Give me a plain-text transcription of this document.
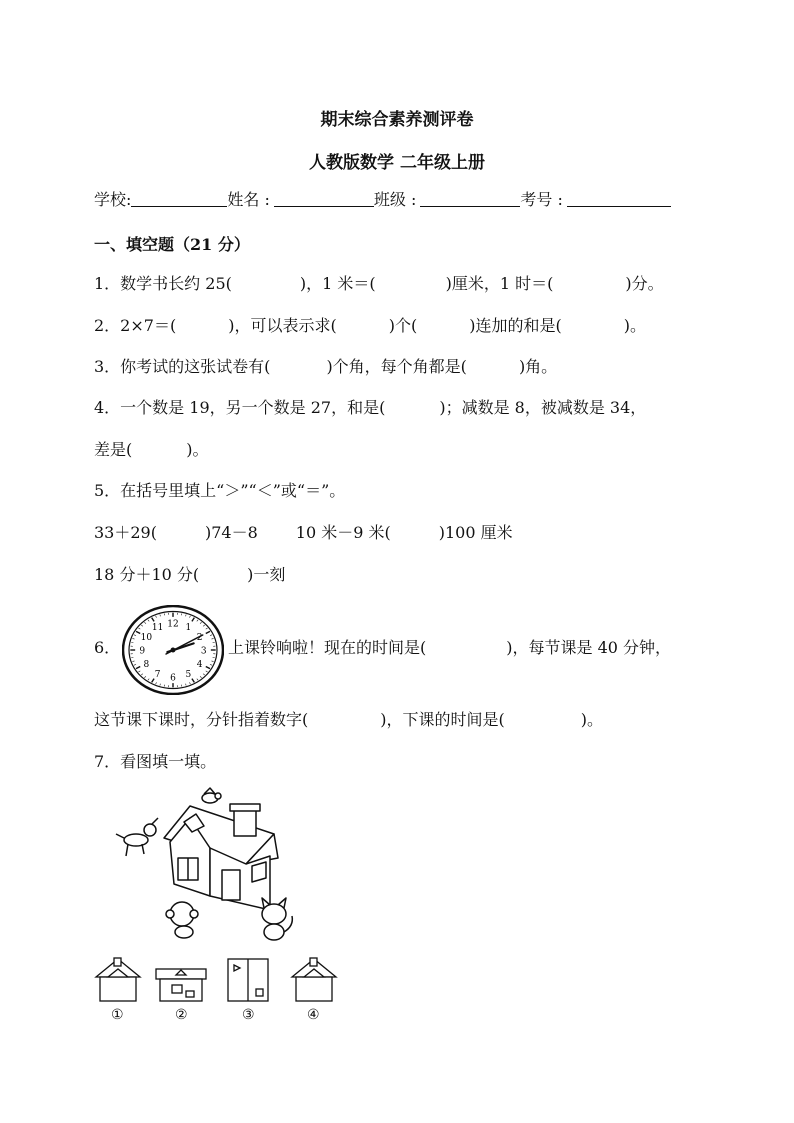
期末综合素养测评卷
人教版数学 二年级上册
学校:	姓名 :	班级 :	考号 :
一、填空题（21 分）
1．数学书长约 25(	)，1 米＝(	)厘米，1 时＝(	)分。
2．2×7＝(	)，可以表示求(	)个(	)连加的和是(	)。
3．你考试的这张试卷有(	)个角，每个角都是(	)角。
4．一个数是 19，另一个数是 27，和是(	)；减数是 8，被减数是 34，
差是(	)。
5．在括号里填上“＞”“＜”或“＝”。
33＋29(	)74－8 10 米－9 米(	)100 厘米
18 分＋10 分(	)一刻
6．
12 1
2
3
4
5
6
7
8
9
10
11
上课铃响啦！现在的时间是(	)，每节课是 40 分钟，
这节课下课时，分针指着数字(	)，下课的时间是(	)。
7．看图填一填。
①	②	③	④
